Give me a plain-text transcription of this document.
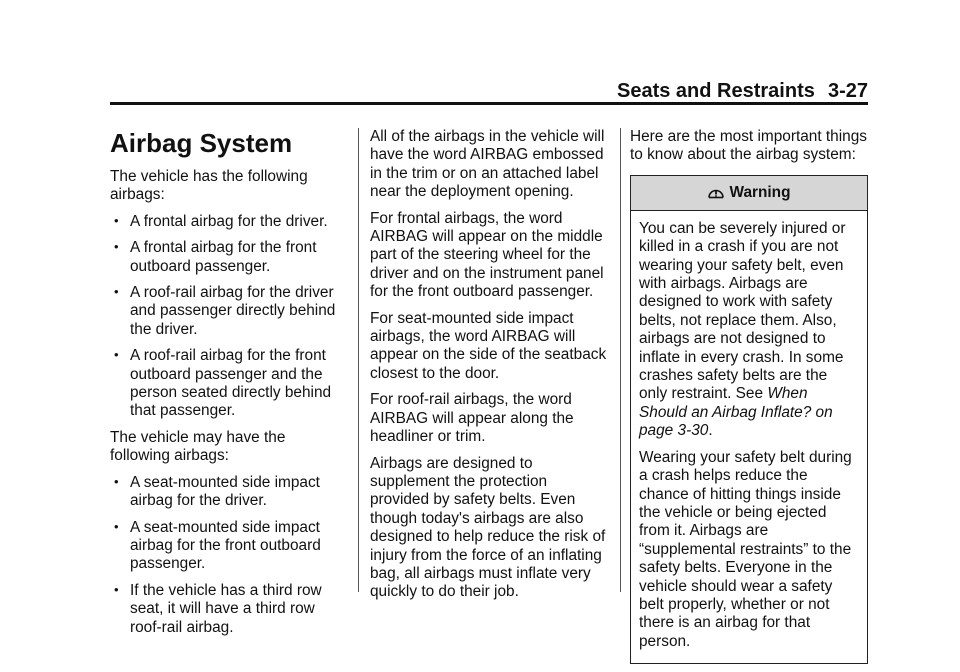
Seats and Restraints 3-27
Airbag System

The vehicle has the following airbags:

• A frontal airbag for the driver.
• A frontal airbag for the front outboard passenger.
• A roof-rail airbag for the driver and passenger directly behind the driver.
• A roof-rail airbag for the front outboard passenger and the person seated directly behind that passenger.

The vehicle may have the following airbags:

• A seat-mounted side impact airbag for the driver.
• A seat-mounted side impact airbag for the front outboard passenger.
• If the vehicle has a third row seat, it will have a third row roof-rail airbag.

All of the airbags in the vehicle will have the word AIRBAG embossed in the trim or on an attached label near the deployment opening.

For frontal airbags, the word AIRBAG will appear on the middle part of the steering wheel for the driver and on the instrument panel for the front outboard passenger.

For seat-mounted side impact airbags, the word AIRBAG will appear on the side of the seatback closest to the door.

For roof-rail airbags, the word AIRBAG will appear along the headliner or trim.

Airbags are designed to supplement the protection provided by safety belts. Even though today's airbags are also designed to help reduce the risk of injury from the force of an inflating bag, all airbags must inflate very quickly to do their job.

Here are the most important things to know about the airbag system:

Warning

You can be severely injured or killed in a crash if you are not wearing your safety belt, even with airbags. Airbags are designed to work with safety belts, not replace them. Also, airbags are not designed to inflate in every crash. In some crashes safety belts are the only restraint. See When Should an Airbag Inflate? on page 3-30.

Wearing your safety belt during a crash helps reduce the chance of hitting things inside the vehicle or being ejected from it. Airbags are “supplemental restraints” to the safety belts. Everyone in the vehicle should wear a safety belt properly, whether or not there is an airbag for that person.
